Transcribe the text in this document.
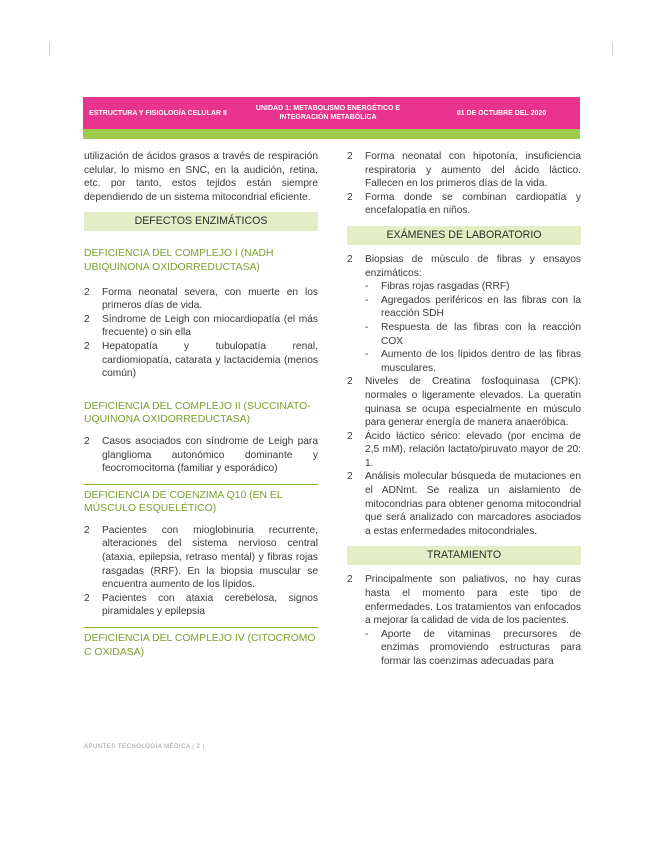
ESTRUCTURA Y FISIOLOGÍA CELULAR II
UNIDAD 1: METABOLISMO ENERGÉTICO E INTEGRACIÓN METABÓLICA
01 DE OCTUBRE DEL 2020

utilización de ácidos grasos a través de respiración celular, lo mismo en SNC, en la audición, retina, etc. por tanto, estos tejidos están siempre dependiendo de un sistema mitocondrial eficiente.

DEFECTOS ENZIMÁTICOS
DEFICIENCIA DEL COMPLEJO I (NADH UBIQUINONA OXIDORREDUCTASA)
2 Forma neonatal severa, con muerte en los primeros días de vida.
2 Síndrome de Leigh con miocardiopatía (el más frecuente) o sin ella
2 Hepatopatía y tubulopatía renal, cardiomiopatía, catarata y lactacidemia (menos común)
DEFICIENCIA DEL COMPLEJO II (SUCCINATO-UQUINONA OXIDORREDUCTASA)
2 Casos asociados con síndrome de Leigh para glanglioma autonómico dominante y feocromocitoma (familiar y esporádico)
DEFICIENCIA DE COENZIMA Q10 (EN EL MÚSCULO ESQUELÉTICO)
2 Pacientes con mioglobinuria recurrente, alteraciones del sistema nervioso central (ataxia, epilepsia, retraso mental) y fibras rojas rasgadas (RRF). En la biopsia muscular se encuentra aumento de los lípidos.
2 Pacientes con ataxia cerebelosa, signos piramidales y epilepsia
DEFICIENCIA DEL COMPLEJO IV (CITOCROMO C OXIDASA)
2 Forma neonatal con hipotonía, insuficiencia respiratoria y aumento del ácido láctico. Fallecen en los primeros días de la vida.
2 Forma donde se combinan cardiopatía y encefalopatía en niños.
EXÁMENES DE LABORATORIO
2 Biopsias de músculo de fibras y ensayos enzimáticos:
- Fibras rojas rasgadas (RRF)
- Agregados periféricos en las fibras con la reacción SDH
- Respuesta de las fibras con la reacción COX
- Aumento de los lípidos dentro de las fibras musculares.
2 Niveles de Creatina fosfoquinasa (CPK): normales o ligeramente elevados. La queratin quinasa se ocupa especialmente en músculo para generar energía de manera anaeróbica.
2 Ácido láctico sérico: elevado (por encima de 2,5 mM), relación lactato/piruvato mayor de 20: 1.
2 Análisis molecular búsqueda de mutaciones en el ADNmt. Se realiza un aislamiento de mitocondrias para obtener genoma mitocondrial que será analizado con marcadores asociados a estas enfermedades mitocondriales.
TRATAMIENTO
2 Principalmente son paliativos, no hay curas hasta el momento para este tipo de enfermedades. Los tratamientos van enfocados a mejorar la calidad de vida de los pacientes.
- Aporte de vitaminas precursores de enzimas promoviendo estructuras para formar las coenzimas adecuadas para
APUNTES TECNOLOGÍA MÉDICA | 2 |
